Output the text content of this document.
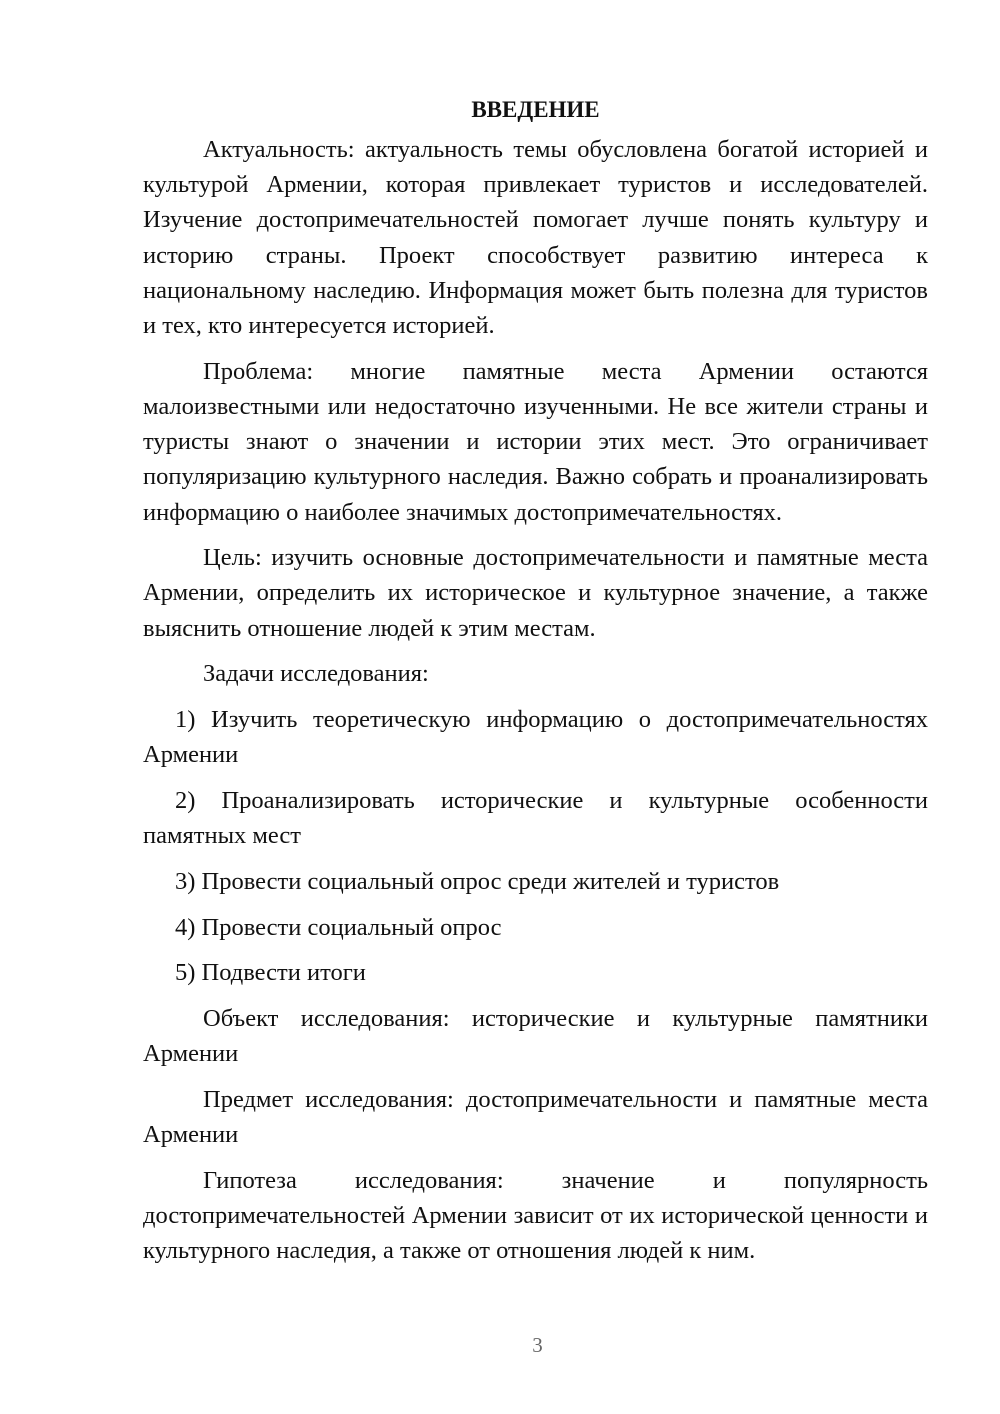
ВВЕДЕНИЕ

Актуальность: актуальность темы обусловлена богатой историей и культурой Армении, которая привлекает туристов и исследователей. Изучение достопримечательностей помогает лучше понять культуру и историю страны. Проект способствует развитию интереса к национальному наследию. Информация может быть полезна для туристов и тех, кто интересуется историей.

Проблема: многие памятные места Армении остаются малоизвестными или недостаточно изученными. Не все жители страны и туристы знают о значении и истории этих мест. Это ограничивает популяризацию культурного наследия. Важно собрать и проанализировать информацию о наиболее значимых достопримечательностях.

Цель: изучить основные достопримечательности и памятные места Армении, определить их историческое и культурное значение, а также выяснить отношение людей к этим местам.

Задачи исследования:

1) Изучить теоретическую информацию о достопримечательностях Армении

2) Проанализировать исторические и культурные особенности памятных мест

3) Провести социальный опрос среди жителей и туристов

4) Провести социальный опрос

5) Подвести итоги

Объект исследования: исторические и культурные памятники Армении

Предмет исследования: достопримечательности и памятные места Армении

Гипотеза исследования: значение и популярность достопримечательностей Армении зависит от их исторической ценности и культурного наследия, а также от отношения людей к ним.

3
